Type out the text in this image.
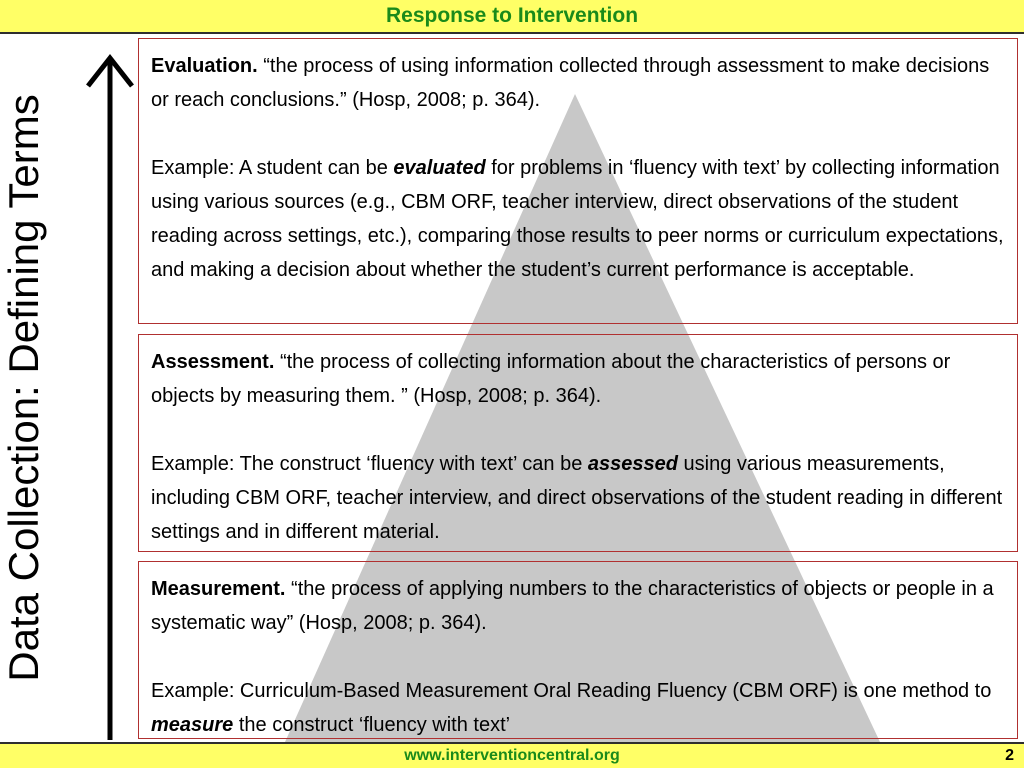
Response to Intervention
Data Collection: Defining Terms

Evaluation. “the process of using information collected through assessment to make decisions or reach conclusions.” (Hosp, 2008; p. 364).

Example: A student can be evaluated for problems in ‘fluency with text’ by collecting information using various sources (e.g., CBM ORF, teacher interview, direct observations of the student reading across settings, etc.), comparing those results to peer norms or curriculum expectations, and making a decision about whether the student’s current performance is acceptable.

Assessment. “the process of collecting information about the characteristics of persons or objects by measuring them. ” (Hosp, 2008; p. 364).

Example: The construct ‘fluency with text’ can be assessed using various measurements, including CBM ORF, teacher interview, and direct observations of the student reading in different settings and in different material.

Measurement. “the process of applying numbers to the characteristics of objects or people in a systematic way” (Hosp, 2008; p. 364).

Example: Curriculum-Based Measurement Oral Reading Fluency (CBM ORF) is one method to measure the construct ‘fluency with text’

www.interventioncentral.org	2
